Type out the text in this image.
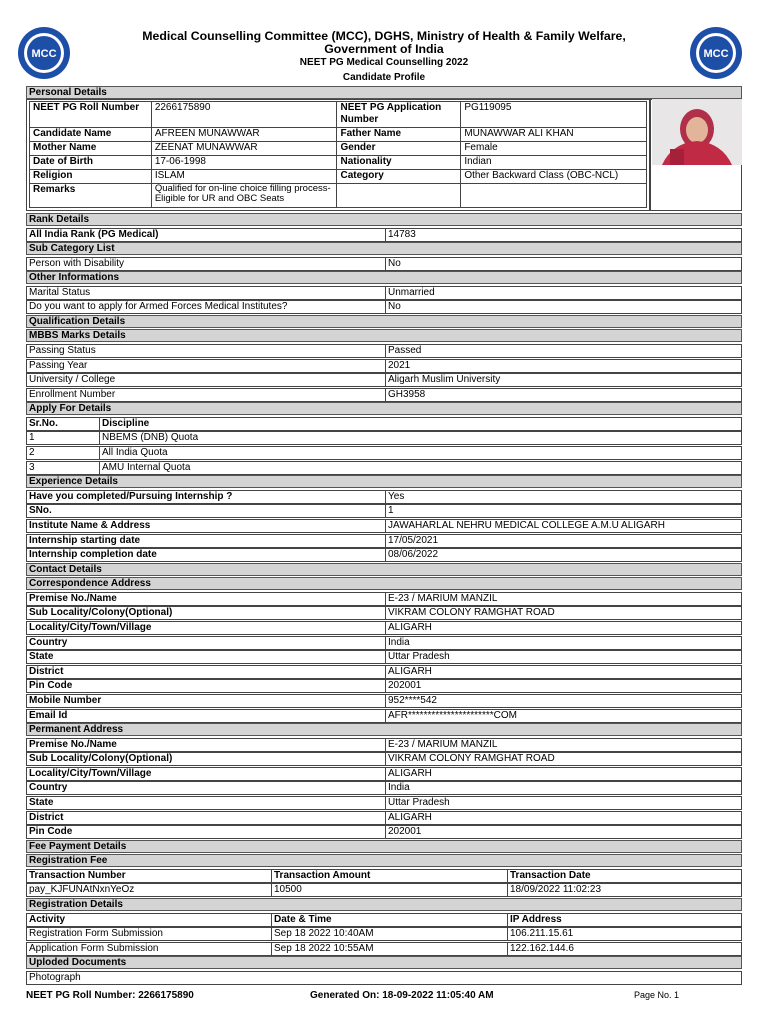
MCC
Medical Counselling Committee (MCC), DGHS, Ministry of Health & Family Welfare, Government of India
NEET PG Medical Counselling 2022
Candidate Profile
MCC
Personal Details
NEET PG Roll Number	2266175890	NEET PG Application Number	PG119095
Candidate Name	AFREEN MUNAWWAR	Father Name	MUNAWWAR ALI KHAN
Mother Name	ZEENAT MUNAWWAR	Gender	Female
Date of Birth	17-06-1998	Nationality	Indian
Religion	ISLAM	Category	Other Backward Class (OBC-NCL)
Remarks	Qualified for on-line choice filling process-Eligible for UR and OBC Seats		
Rank Details
All India Rank (PG Medical)	14783
Sub Category List
Person with Disability	No
Other Informations
Marital Status	Unmarried
Do you want to apply for Armed Forces Medical Institutes?	No
Qualification Details
MBBS Marks Details
Passing Status	Passed
Passing Year	2021
University / College	Aligarh Muslim University
Enrollment Number	GH3958
Apply For Details
Sr.No.	Discipline
1	NBEMS (DNB) Quota
2	All India Quota
3	AMU Internal Quota
Experience Details
Have you completed/Pursuing Internship ?	Yes
SNo.	1
Institute Name & Address	JAWAHARLAL NEHRU MEDICAL COLLEGE A.M.U ALIGARH
Internship starting date	17/05/2021
Internship completion date	08/06/2022
Contact Details
Correspondence Address
Premise No./Name	E-23 / MARIUM MANZIL
Sub Locality/Colony(Optional)	VIKRAM COLONY RAMGHAT ROAD
Locality/City/Town/Village	ALIGARH
Country	India
State	Uttar Pradesh
District	ALIGARH
Pin Code	202001
Mobile Number	952****542
Email Id	AFR**********************COM
Permanent Address
Premise No./Name	E-23 / MARIUM MANZIL
Sub Locality/Colony(Optional)	VIKRAM COLONY RAMGHAT ROAD
Locality/City/Town/Village	ALIGARH
Country	India
State	Uttar Pradesh
District	ALIGARH
Pin Code	202001
Fee Payment Details
Registration Fee
Transaction Number	Transaction Amount	Transaction Date
pay_KJFUNAtNxnYeOz	10500	18/09/2022 11:02:23
Registration Details
Activity	Date & Time	IP Address
Registration Form Submission	Sep 18 2022 10:40AM	106.211.15.61
Application Form Submission	Sep 18 2022 10:55AM	122.162.144.6
Uploded Documents
Photograph
NEET PG Roll Number: 2266175890	Generated On: 18-09-2022 11:05:40 AM	Page No. 1
